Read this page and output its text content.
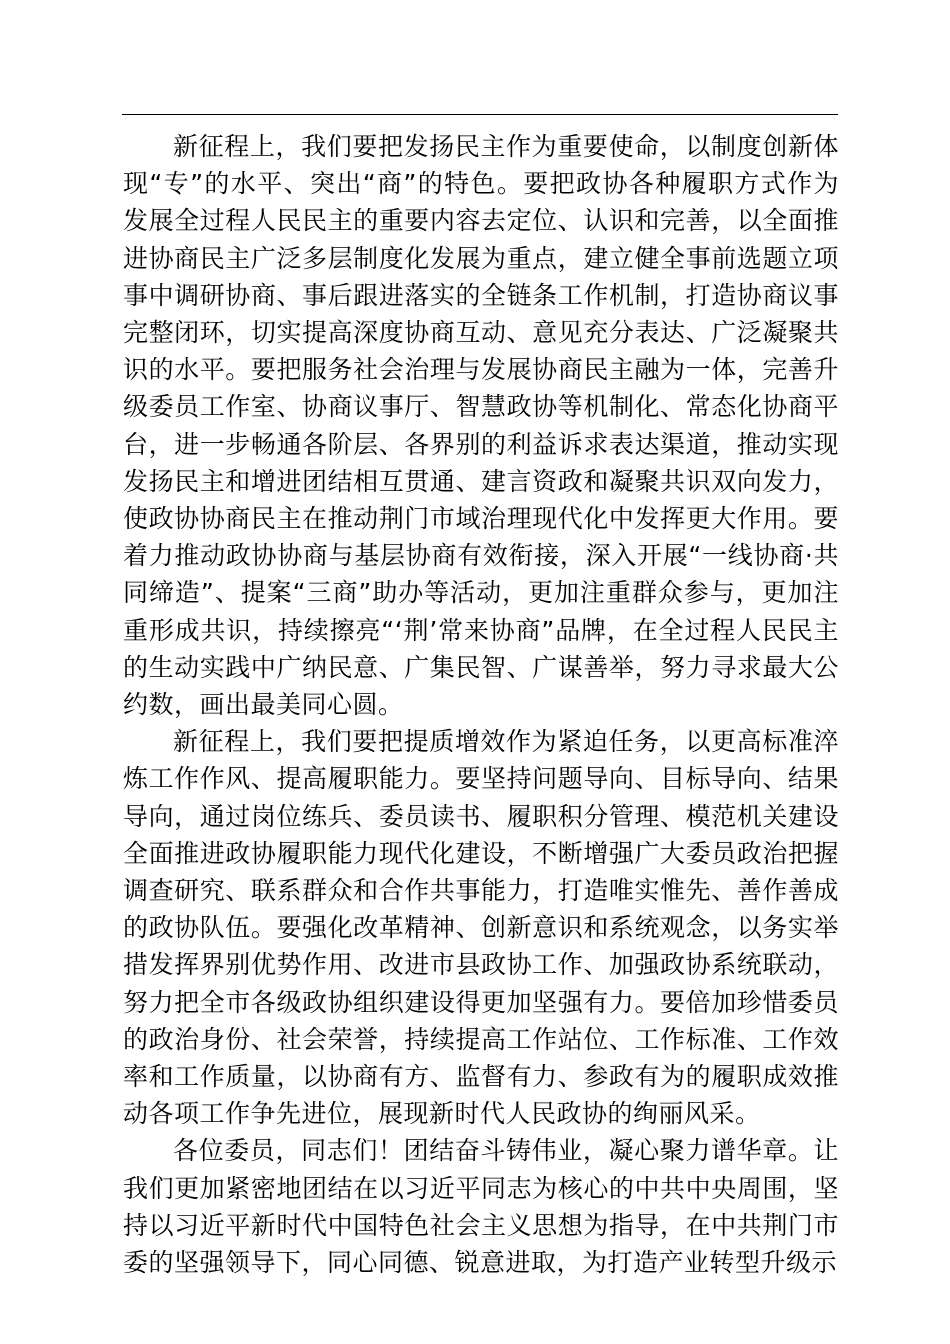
新征程上，我们要把发扬民主作为重要使命，以制度创新体现“专”的水平、突出“商”的特色。要把政协各种履职方式作为发展全过程人民民主的重要内容去定位、认识和完善，以全面推进协商民主广泛多层制度化发展为重点，建立健全事前选题立项事中调研协商、事后跟进落实的全链条工作机制，打造协商议事完整闭环，切实提高深度协商互动、意见充分表达、广泛凝聚共识的水平。要把服务社会治理与发展协商民主融为一体，完善升级委员工作室、协商议事厅、智慧政协等机制化、常态化协商平台，进一步畅通各阶层、各界别的利益诉求表达渠道，推动实现发扬民主和增进团结相互贯通、建言资政和凝聚共识双向发力，使政协协商民主在推动荆门市域治理现代化中发挥更大作用。要着力推动政协协商与基层协商有效衔接，深入开展“一线协商·共同缔造”、提案“三商”助办等活动，更加注重群众参与，更加注重形成共识，持续擦亮“‘荆’常来协商”品牌，在全过程人民民主的生动实践中广纳民意、广集民智、广谋善举，努力寻求最大公约数，画出最美同心圆。

新征程上，我们要把提质增效作为紧迫任务，以更高标准淬炼工作作风、提高履职能力。要坚持问题导向、目标导向、结果导向，通过岗位练兵、委员读书、履职积分管理、模范机关建设全面推进政协履职能力现代化建设，不断增强广大委员政治把握调查研究、联系群众和合作共事能力，打造唯实惟先、善作善成的政协队伍。要强化改革精神、创新意识和系统观念，以务实举措发挥界别优势作用、改进市县政协工作、加强政协系统联动，努力把全市各级政协组织建设得更加坚强有力。要倍加珍惜委员的政治身份、社会荣誉，持续提高工作站位、工作标准、工作效率和工作质量，以协商有方、监督有力、参政有为的履职成效推动各项工作争先进位，展现新时代人民政协的绚丽风采。

各位委员，同志们！团结奋斗铸伟业，凝心聚力谱华章。让我们更加紧密地团结在以习近平同志为核心的中共中央周围，坚持以习近平新时代中国特色社会主义思想为指导，在中共荆门市委的坚强领导下，同心同德、锐意进取，为打造产业转型升级示
